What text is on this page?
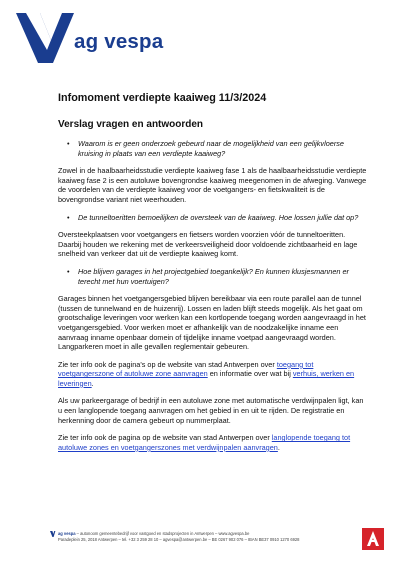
ag vespa
Infomoment verdiepte kaaiweg 11/3/2024
Verslag vragen en antwoorden
•	Waarom is er geen onderzoek gebeurd naar de mogelijkheid van een gelijkvloerse kruising in plaats van een verdiepte kaaiweg?
Zowel in de haalbaarheidsstudie verdiepte kaaiweg fase 1 als de haalbaarheidsstudie verdiepte kaaiweg fase 2 is een autoluwe bovengrondse kaaiweg meegenomen in de afweging. Vanwege de voordelen van de verdiepte kaaiweg voor de voetgangers- en fietskwaliteit is de bovengrondse variant niet weerhouden.
•	De tunneltoeritten bemoeilijken de oversteek van de kaaiweg. Hoe lossen jullie dat op?
Oversteekplaatsen voor voetgangers en fietsers worden voorzien vóór de tunneltoeritten. Daarbij houden we rekening met de verkeersveiligheid door voldoende zichtbaarheid en lage snelheid van verkeer dat uit de verdiepte kaaiweg komt.
•	Hoe blijven garages in het projectgebied toegankelijk? En kunnen klusjesmannen er terecht met hun voertuigen?
Garages binnen het voetgangersgebied blijven bereikbaar via een route parallel aan de tunnel (tussen de tunnelwand en de huizenrij). Lossen en laden blijft steeds mogelijk. Als het gaat om grootschalige leveringen voor werken kan een kortlopende toegang worden aangevraagd in het voetgangersgebied. Voor werken moet er afhankelijk van de noodzakelijke inname een aanvraag inname openbaar domein of tijdelijke inname voetpad aangevraagd worden. Langparkeren moet in alle gevallen reglementair gebeuren.
Zie ter info ook de pagina's op de website van stad Antwerpen over toegang tot voetgangerszone of autoluwe zone aanvragen en informatie over wat bij verhuis, werken en leveringen.
Als uw parkeergarage of bedrijf in een autoluwe zone met automatische verdwijnpalen ligt, kan u een langlopende toegang aanvragen om het gebied in en uit te rijden. De registratie en herkenning door de camera gebeurt op nummerplaat.
Zie ter info ook de pagina op de website van stad Antwerpen over langlopende toegang tot autoluwe zones en voetgangerszones met verdwijnpalen aanvragen.
ag vespa – autonoom gemeentebedrijf voor vastgoed en stadsprojecten in Antwerpen – www.agvespa.be
Paradeplein 25, 2018 Antwerpen – tel. +32 3 259 28 10 – agvespa@antwerpen.be – BE 0267 902 076 – IBAN BE37 0910 1270 6928
